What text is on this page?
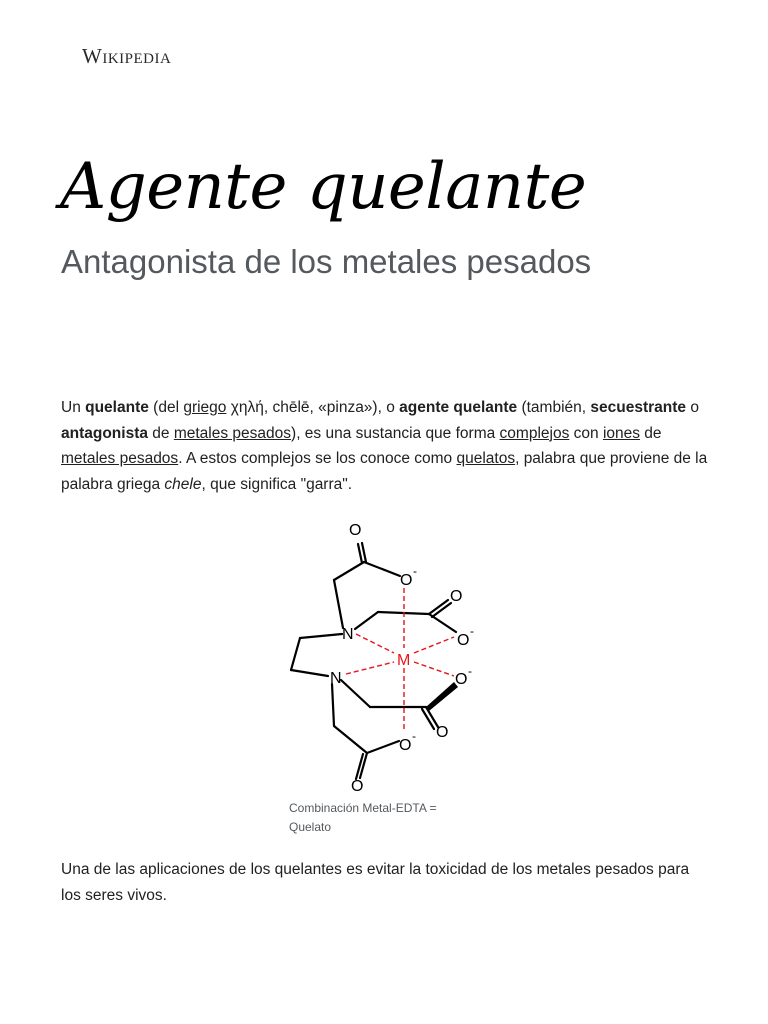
Wikipedia
Agente quelante
Antagonista de los metales pesados
Un quelante (del griego χηλή, chēlē, «pinza»), o agente quelante (también, secuestrante o antagonista de metales pesados), es una sustancia que forma complejos con iones de metales pesados. A estos complejos se los conoce como quelatos, palabra que proviene de la palabra griega chele, que significa "garra".
O
O
-
O
O
-
N
N
M
O -
O
O
-
O
Combinación Metal-EDTA = Quelato
Una de las aplicaciones de los quelantes es evitar la toxicidad de los metales pesados para los seres vivos.
